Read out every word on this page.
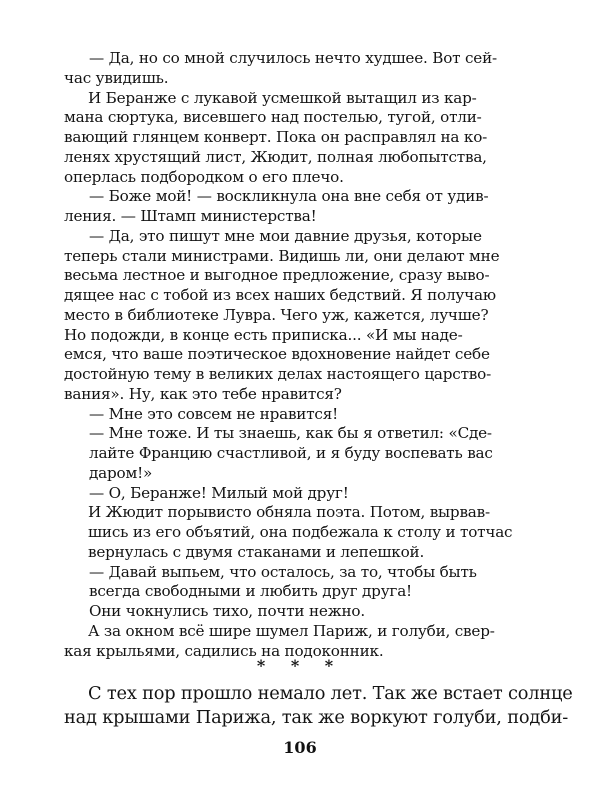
— Да, но со мной случилось нечто худшее. Вот сей-
час увидишь.
И Беранже с лукавой усмешкой вытащил из кар-
мана сюртука, висевшего над постелью, тугой, отли-
вающий глянцем конверт. Пока он расправлял на ко-
ленях хрустящий лист, Жюдит, полная любопытства,
оперлась подбородком о его плечо.
— Боже мой! — воскликнула она вне себя от удив-
ления. — Штамп министерства!
— Да, это пишут мне мои давние друзья, которые
теперь стали министрами. Видишь ли, они делают мне
весьма лестное и выгодное предложение, сразу выво-
дящее нас с тобой из всех наших бедствий. Я получаю
место в библиотеке Лувра. Чего уж, кажется, лучше?
Но подожди, в конце есть приписка... «И мы наде-
емся, что ваше поэтическое вдохновение найдет себе
достойную тему в великих делах настоящего царство-
вания». Ну, как это тебе нравится?
— Мне это совсем не нравится!
— Мне тоже. И ты знаешь, как бы я ответил: «Сде-
лайте Францию счастливой, и я буду воспевать вас
даром!»
— О, Беранже! Милый мой друг!
И Жюдит порывисто обняла поэта. Потом, вырвав-
шись из его объятий, она подбежала к столу и тотчас
вернулась с двумя стаканами и лепешкой.
— Давай выпьем, что осталось, за то, чтобы быть
всегда свободными и любить друг друга!
Они чокнулись тихо, почти нежно.
А за окном всё шире шумел Париж, и голуби, свер-
кая крыльями, садились на подоконник.
* * *
С тех пор прошло немало лет. Так же встает солнце
над крышами Парижа, так же воркуют голуби, подби-
106
